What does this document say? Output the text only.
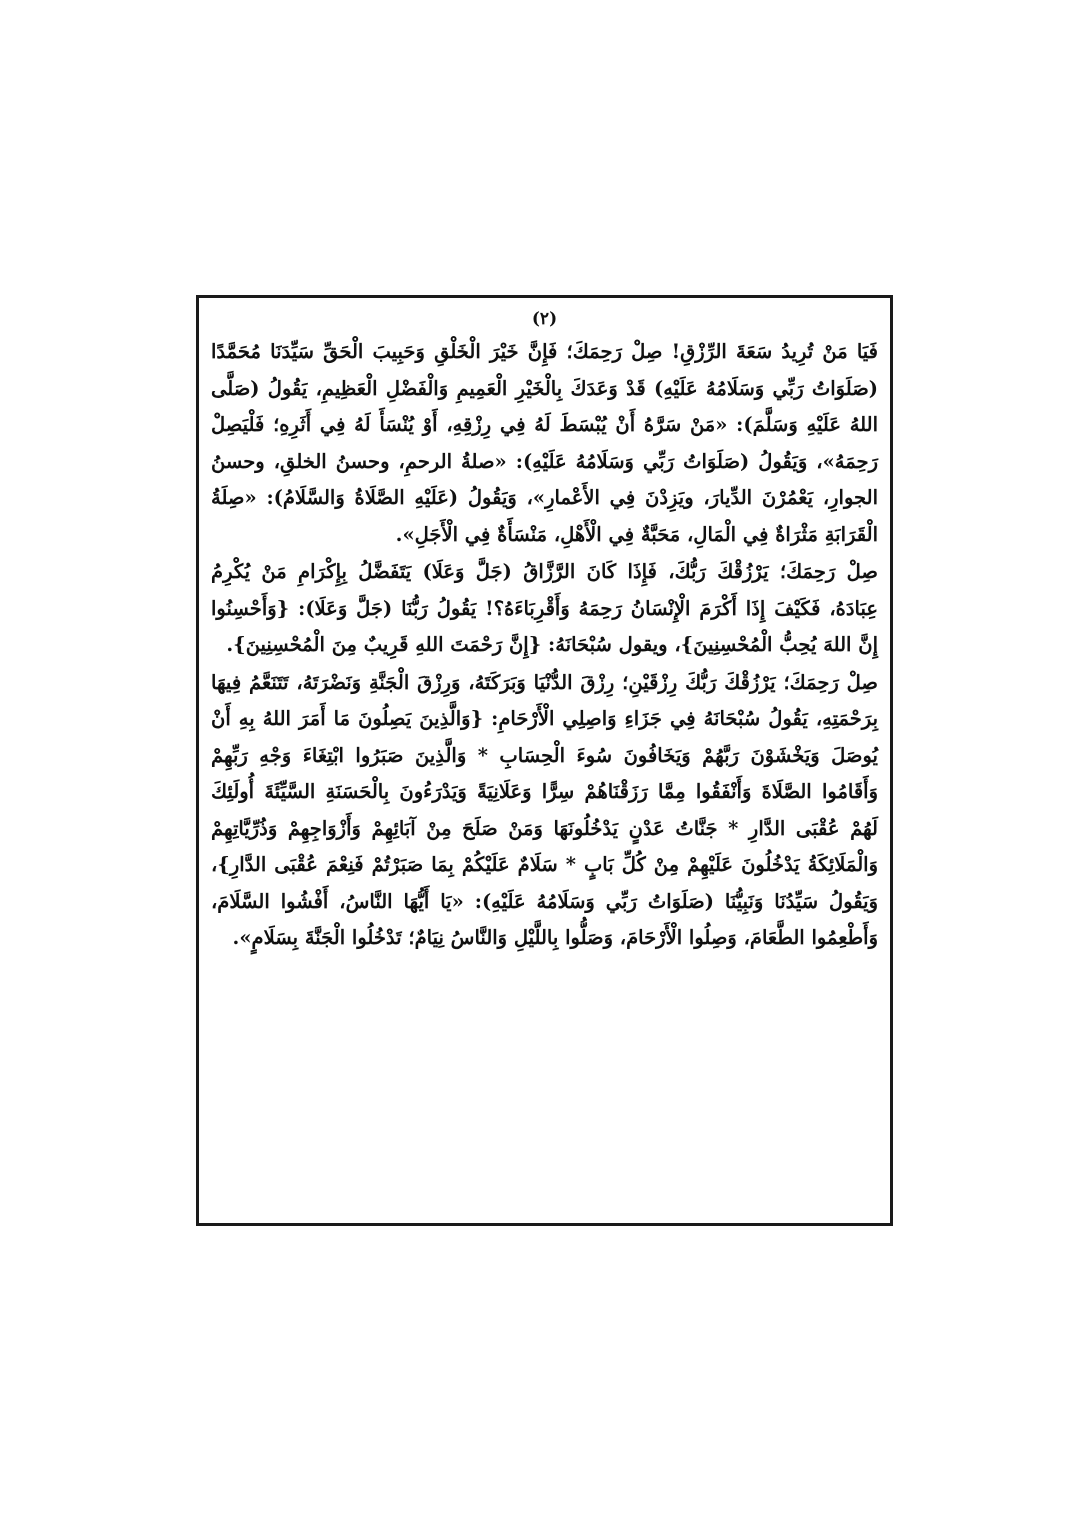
(٢)

فَيَا مَنْ تُرِيدُ سَعَةَ الرِّزْقِ! صِلْ رَحِمَكَ؛ فَإِنَّ خَيْرَ الْخَلْقِ وَحَبِيبَ الْحَقِّ سَيِّدَنَا مُحَمَّدًا (صَلَوَاتُ رَبِّي وَسَلَامُهُ عَلَيْهِ) قَدْ وَعَدَكَ بِالْخَيْرِ الْعَمِيمِ وَالْفَضْلِ الْعَظِيمِ، يَقُولُ (صَلَّى اللهُ عَلَيْهِ وَسَلَّمَ): «مَنْ سَرَّهُ أَنْ يُبْسَطَ لَهُ فِي رِزْقِهِ، أَوْ يُنْسَأَ لَهُ فِي أَثَرِهِ؛ فَلْيَصِلْ رَحِمَهُ»، وَيَقُولُ (صَلَوَاتُ رَبِّي وَسَلَامُهُ عَلَيْهِ): «صلةُ الرحمِ، وحسنُ الخلقِ، وحسنُ الجوارِ، يَعْمُرْنَ الدِّيارَ، ويَزِدْنَ فِي الأَعْمارِ»، وَيَقُولُ (عَلَيْهِ الصَّلَاةُ وَالسَّلَامُ): «صِلَةُ الْقَرَابَةِ مَثْرَاةٌ فِي الْمَالِ، مَحَبَّةٌ فِي الْأَهْلِ، مَنْسَأَةٌ فِي الْأَجَلِ».

صِلْ رَحِمَكَ؛ يَرْزُقْكَ رَبُّكَ، فَإِذَا كَانَ الرَّزَّاقُ (جَلَّ وَعَلَا) يَتَفَضَّلُ بِإِكْرَامِ مَنْ يُكْرِمُ عِبَادَهُ، فَكَيْفَ إِذَا أَكْرَمَ الْإِنْسَانُ رَحِمَهُ وَأَقْرِبَاءَهُ؟! يَقُولُ رَبُّنَا (جَلَّ وَعَلَا): {وَأَحْسِنُوا إِنَّ اللهَ يُحِبُّ الْمُحْسِنِينَ}، ويقول سُبْحَانَهُ: {إِنَّ رَحْمَتَ اللهِ قَرِيبٌ مِنَ الْمُحْسِنِينَ}.

صِلْ رَحِمَكَ؛ يَرْزُقْكَ رَبُّكَ رِزْقَيْنِ؛ رِزْقَ الدُّنْيَا وَبَرَكَتَهُ، وَرِزْقَ الْجَنَّةِ وَنَضْرَتَهُ، تَتَنَعَّمُ فِيهَا بِرَحْمَتِهِ، يَقُولُ سُبْحَانَهُ فِي جَزَاءِ وَاصِلِي الْأَرْحَامِ: {وَالَّذِينَ يَصِلُونَ مَا أَمَرَ اللهُ بِهِ أَنْ يُوصَلَ وَيَخْشَوْنَ رَبَّهُمْ وَيَخَافُونَ سُوءَ الْحِسَابِ * وَالَّذِينَ صَبَرُوا ابْتِغَاءَ وَجْهِ رَبِّهِمْ وَأَقَامُوا الصَّلَاةَ وَأَنْفَقُوا مِمَّا رَزَقْنَاهُمْ سِرًّا وَعَلَانِيَةً وَيَدْرَءُونَ بِالْحَسَنَةِ السَّيِّئَةَ أُولَئِكَ لَهُمْ عُقْبَى الدَّارِ * جَنَّاتُ عَدْنٍ يَدْخُلُونَهَا وَمَنْ صَلَحَ مِنْ آبَائِهِمْ وَأَزْوَاجِهِمْ وَذُرِّيَّاتِهِمْ وَالْمَلَائِكَةُ يَدْخُلُونَ عَلَيْهِمْ مِنْ كُلِّ بَابٍ * سَلَامٌ عَلَيْكُمْ بِمَا صَبَرْتُمْ فَنِعْمَ عُقْبَى الدَّارِ}، وَيَقُولُ سَيِّدُنَا وَنَبِيُّنَا (صَلَوَاتُ رَبِّي وَسَلَامُهُ عَلَيْهِ): «يَا أَيُّهَا النَّاسُ، أَفْشُوا السَّلَامَ، وَأَطْعِمُوا الطَّعَامَ، وَصِلُوا الْأَرْحَامَ، وَصَلُّوا بِاللَّيْلِ وَالنَّاسُ نِيَامٌ؛ تَدْخُلُوا الْجَنَّةَ بِسَلَامٍ».
